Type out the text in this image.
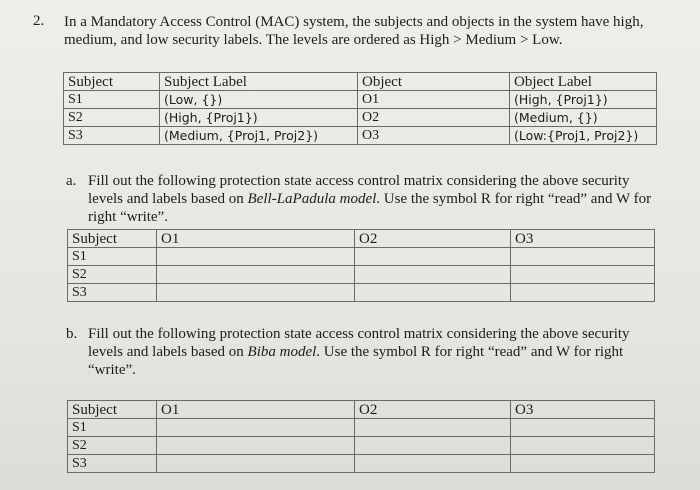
2. In a Mandatory Access Control (MAC) system, the subjects and objects in the system have high, medium, and low security labels. The levels are ordered as High > Medium > Low.
Subject	Subject Label	Object	Object Label
S1	(Low, {})	O1	(High, {Proj1})
S2	(High, {Proj1})	O2	(Medium, {})
S3	(Medium, {Proj1, Proj2})	O3	(Low:{Proj1, Proj2})
a. Fill out the following protection state access control matrix considering the above security levels and labels based on Bell-LaPadula model. Use the symbol R for right “read” and W for right “write”.
Subject	O1	O2	O3
S1			
S2			
S3			
b. Fill out the following protection state access control matrix considering the above security levels and labels based on Biba model. Use the symbol R for right “read” and W for right “write”.
Subject	O1	O2	O3
S1			
S2			
S3			
